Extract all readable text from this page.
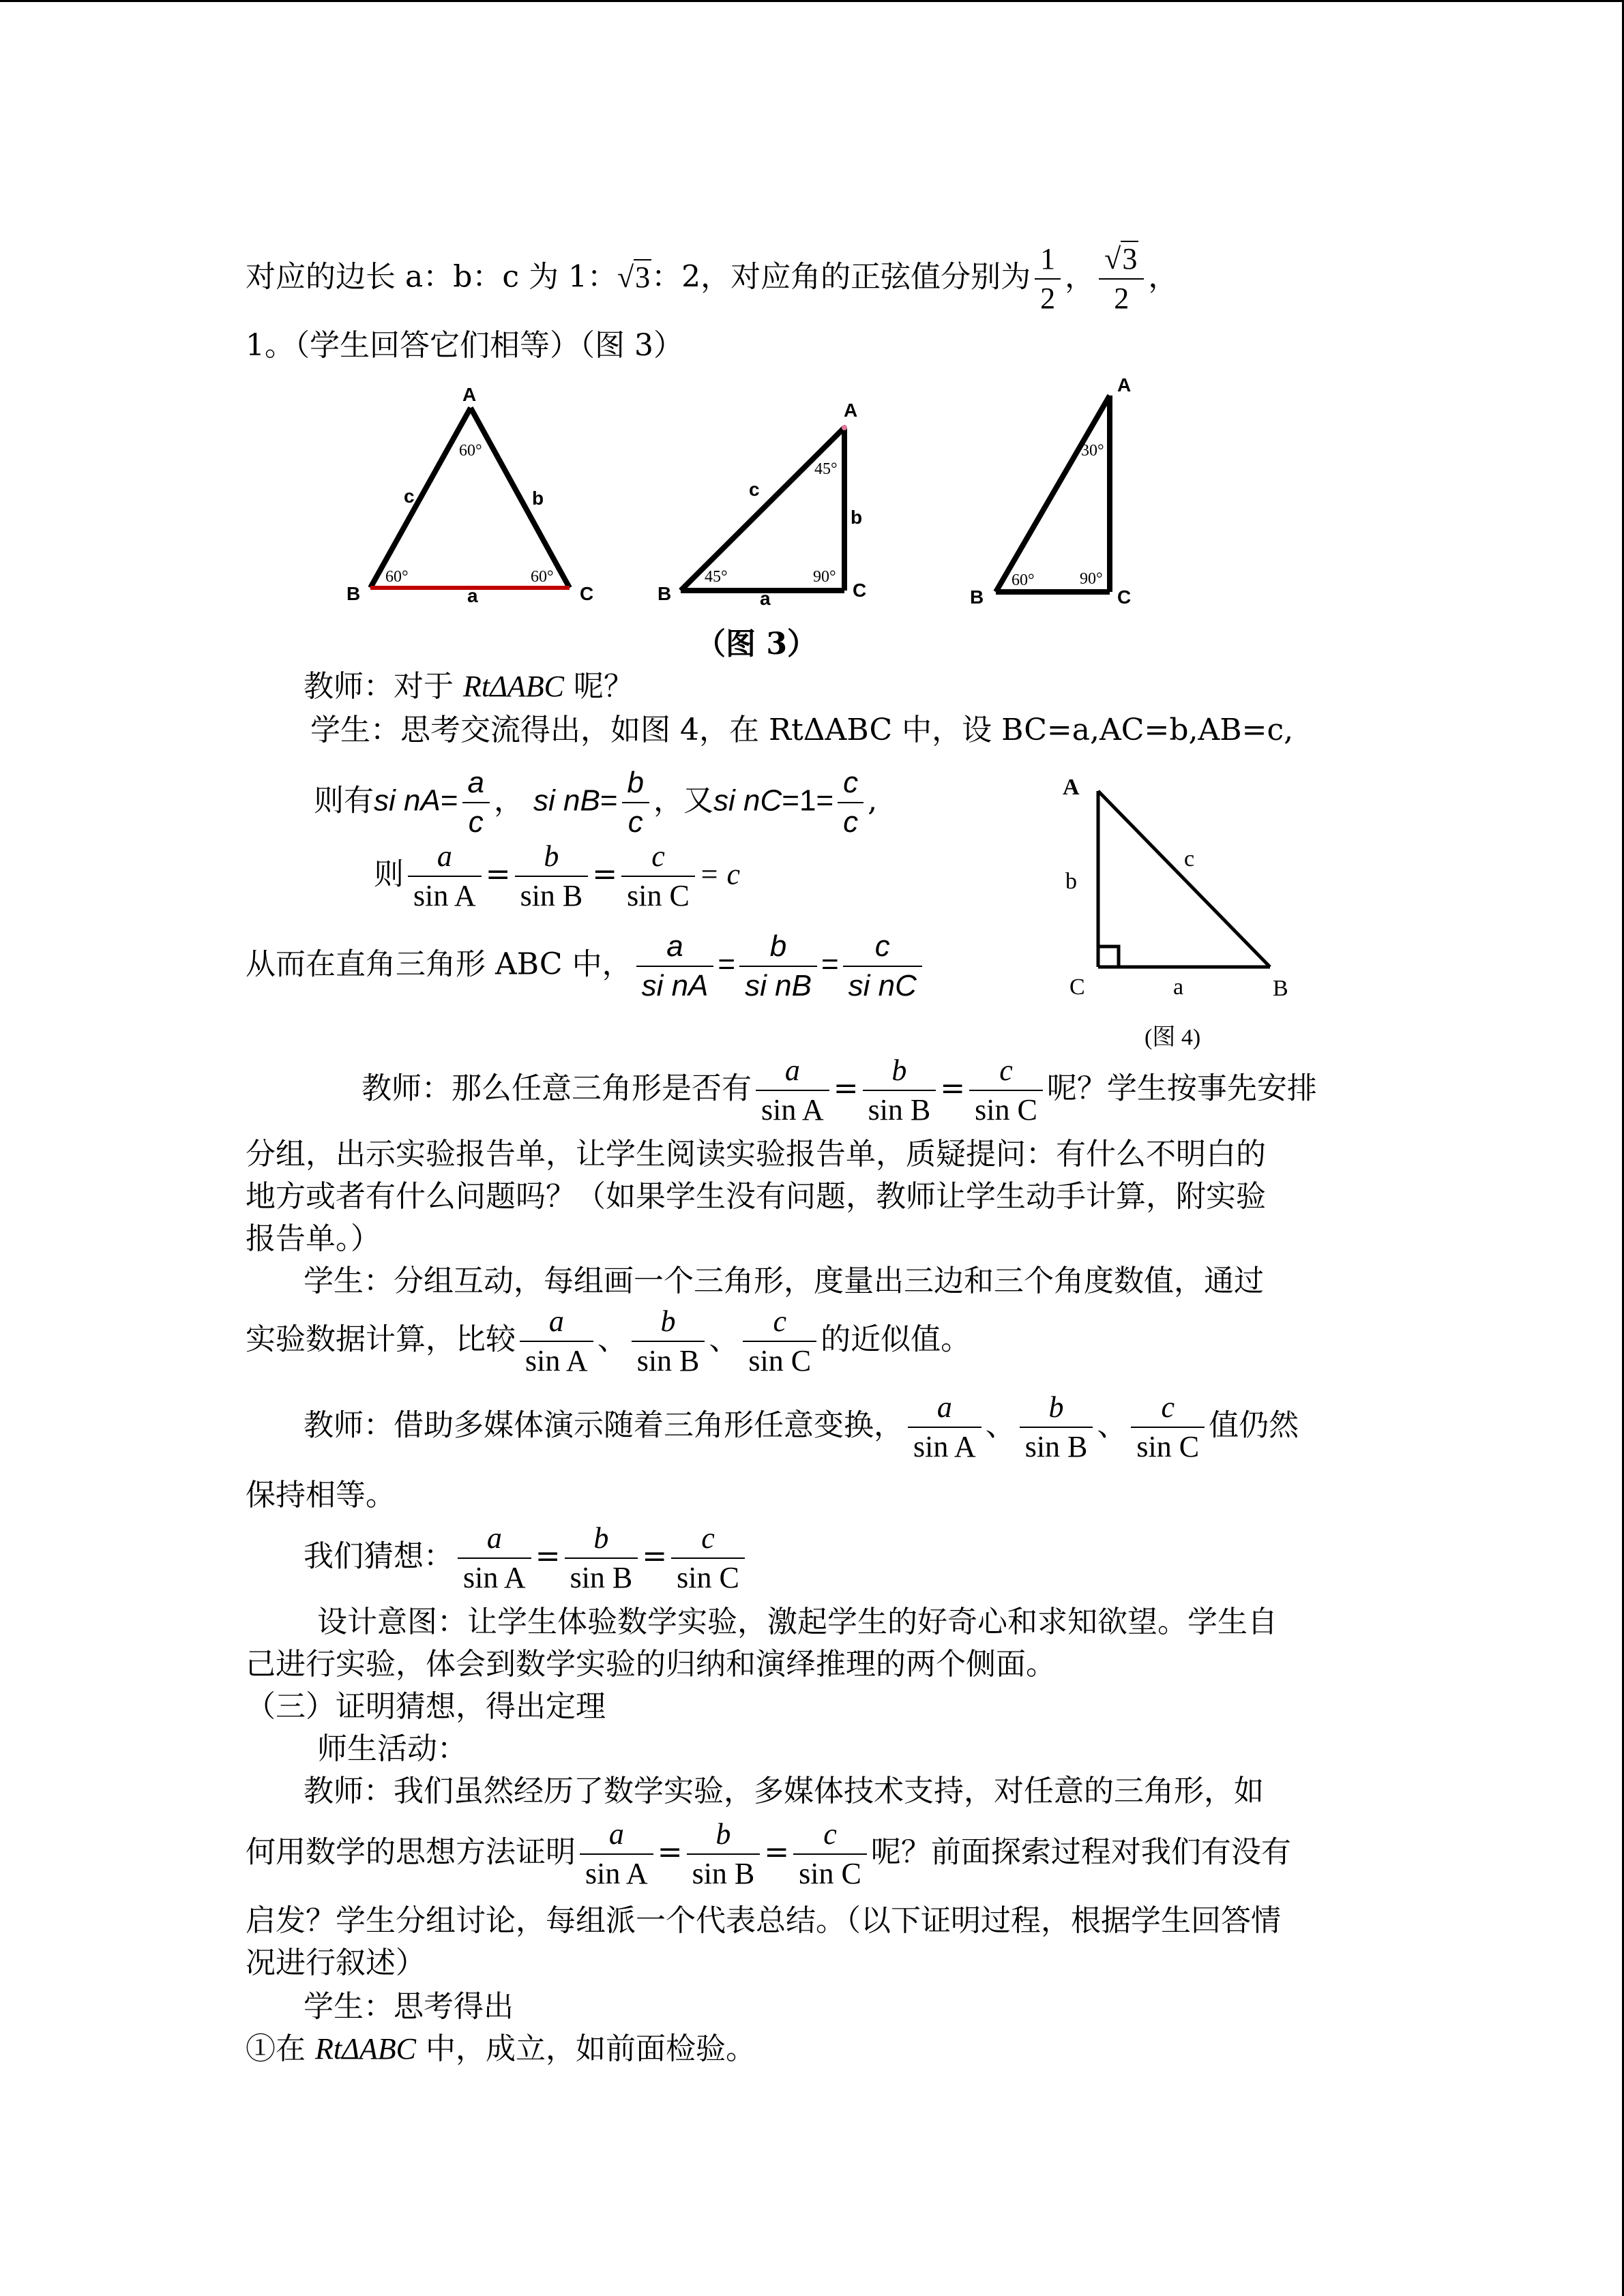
对应的边长 a：b：c 为 1：√3：2，对应角的正弦值分别为 $\frac{1}{2}$ ， $\frac{√3}{2}$ ，
1。（学生回答它们相等）（图 3）
A
B	C
a
b
c
60°
60°	60°
A
B	C
a
b
c
45°
45°	90°
A
B	C
30°
60°	90°
（图 3）
教师：对于 RtΔABC 呢？
学生：思考交流得出，如图 4，在 RtΔABC 中，设 BC=a,AC=b,AB=c,
则有si $nA= \frac{a}{c}$ ， si $nB= \frac{b}{c}$ ，又si $nC=1= \frac{c}{c}$ ,
则 $\frac{a}{\text{sin A}} = \frac{b}{\text{sin B}} = \frac{c}{\text{sin C}} = c$
从而在直角三角形 ABC 中， $\frac{a}{\text{si nA}} = \frac{b}{\text{si nB}} = \frac{c}{\text{si nC}}$
A
b
c
C	a	B
(图 4)
教师：那么任意三角形是否有 $\frac{a}{\text{sin A}} = \frac{b}{\text{sin B}} = \frac{c}{\text{sin C}}$ 呢？学生按事先安排
分组，出示实验报告单，让学生阅读实验报告单，质疑提问：有什么不明白的
地方或者有什么问题吗？（如果学生没有问题，教师让学生动手计算，附实验
报告单。）
学生：分组互动，每组画一个三角形，度量出三边和三个角度数值，通过
实验数据计算，比较 $\frac{a}{\text{sin A}}$ 、 $\frac{b}{\text{sin B}}$ 、 $\frac{c}{\text{sin C}}$ 的近似值。
教师：借助多媒体演示随着三角形任意变换， $\frac{a}{\text{sin A}}$ 、 $\frac{b}{\text{sin B}}$ 、 $\frac{c}{\text{sin C}}$ 值仍然
保持相等。
我们猜想： $\frac{a}{\text{sin A}} = \frac{b}{\text{sin B}} = \frac{c}{\text{sin C}}$
设计意图：让学生体验数学实验，激起学生的好奇心和求知欲望。学生自
己进行实验，体会到数学实验的归纳和演绎推理的两个侧面。
（三）证明猜想，得出定理
师生活动：
教师：我们虽然经历了数学实验，多媒体技术支持，对任意的三角形，如
何用数学的思想方法证明 $\frac{a}{\text{sin A}} = \frac{b}{\text{sin B}} = \frac{c}{\text{sin C}}$ 呢？前面探索过程对我们有没有
启发？学生分组讨论，每组派一个代表总结。（以下证明过程，根据学生回答情
况进行叙述）
学生：思考得出
①在 RtΔABC 中，成立，如前面检验。
